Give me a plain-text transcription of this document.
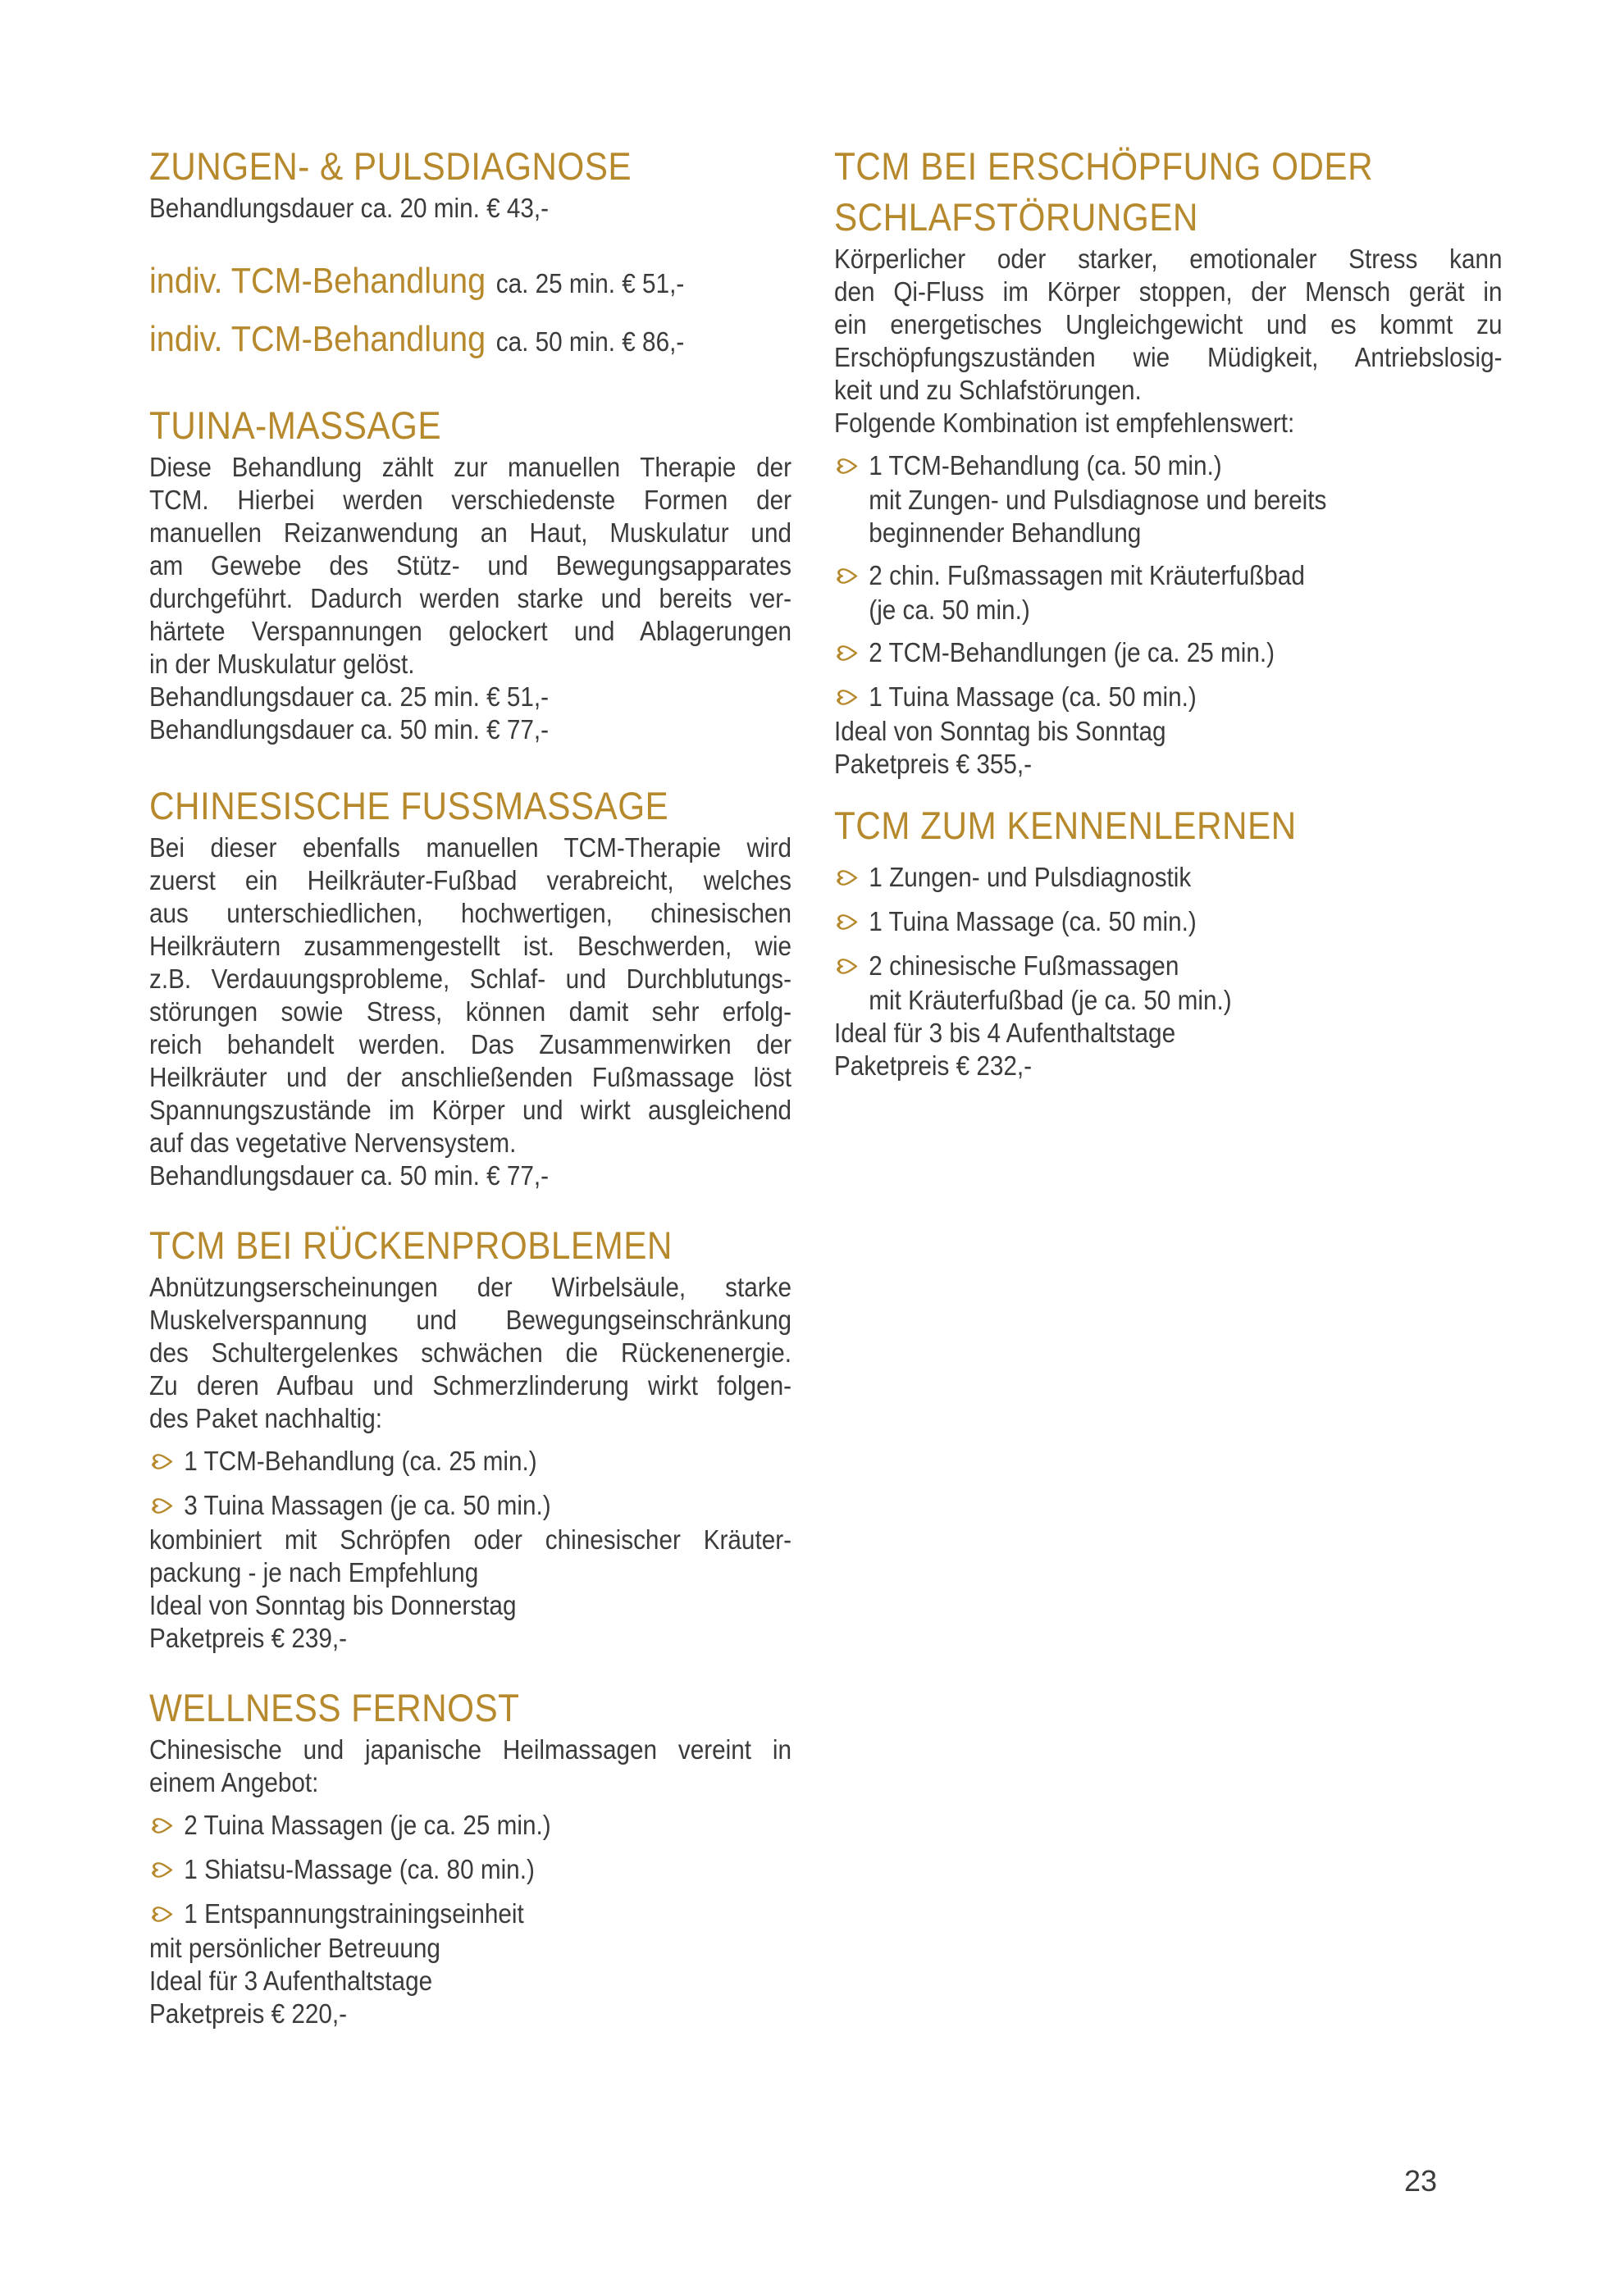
ZUNGEN- & PULSDIAGNOSE
Behandlungsdauer ca. 20 min. € 43,-
indiv. TCM-Behandlung ca. 25 min. € 51,-
indiv. TCM-Behandlung ca. 50 min. € 86,-
TUINA-MASSAGE
Diese Behandlung zählt zur manuellen Therapie der
TCM. Hierbei werden verschiedenste Formen der
manuellen Reizanwendung an Haut, Muskulatur und
am Gewebe des Stütz- und Bewegungsapparates
durchgeführt. Dadurch werden starke und bereits ver-
härtete Verspannungen gelockert und Ablagerungen
in der Muskulatur gelöst.
Behandlungsdauer ca. 25 min. € 51,-
Behandlungsdauer ca. 50 min. € 77,-
CHINESISCHE FUSSMASSAGE
Bei dieser ebenfalls manuellen TCM-Therapie wird
zuerst ein Heilkräuter-Fußbad verabreicht, welches
aus unterschiedlichen, hochwertigen, chinesischen
Heilkräutern zusammengestellt ist. Beschwerden, wie
z.B. Verdauungsprobleme, Schlaf- und Durchblutungs-
störungen sowie Stress, können damit sehr erfolg-
reich behandelt werden. Das Zusammenwirken der
Heilkräuter und der anschließenden Fußmassage löst
Spannungszustände im Körper und wirkt ausgleichend
auf das vegetative Nervensystem.
Behandlungsdauer ca. 50 min. € 77,-
TCM BEI RÜCKENPROBLEMEN
Abnützungserscheinungen der Wirbelsäule, starke
Muskelverspannung und Bewegungseinschränkung
des Schultergelenkes schwächen die Rückenenergie.
Zu deren Aufbau und Schmerzlinderung wirkt folgen-
des Paket nachhaltig:
1 TCM-Behandlung (ca. 25 min.)
3 Tuina Massagen (je ca. 50 min.)
kombiniert mit Schröpfen oder chinesischer Kräuter-
packung - je nach Empfehlung
Ideal von Sonntag bis Donnerstag
Paketpreis € 239,-
WELLNESS FERNOST
Chinesische und japanische Heilmassagen vereint in
einem Angebot:
2 Tuina Massagen (je ca. 25 min.)
1 Shiatsu-Massage (ca. 80 min.)
1 Entspannungstrainingseinheit
mit persönlicher Betreuung
Ideal für 3 Aufenthaltstage
Paketpreis € 220,-
TCM BEI ERSCHÖPFUNG ODER
SCHLAFSTÖRUNGEN
Körperlicher oder starker, emotionaler Stress kann
den Qi-Fluss im Körper stoppen, der Mensch gerät in
ein energetisches Ungleichgewicht und es kommt zu
Erschöpfungszuständen wie Müdigkeit, Antriebslosig-
keit und zu Schlafstörungen.
Folgende Kombination ist empfehlenswert:
1 TCM-Behandlung (ca. 50 min.)
mit Zungen- und Pulsdiagnose und bereits
beginnender Behandlung
2 chin. Fußmassagen mit Kräuterfußbad
(je ca. 50 min.)
2 TCM-Behandlungen (je ca. 25 min.)
1 Tuina Massage (ca. 50 min.)
Ideal von Sonntag bis Sonntag
Paketpreis € 355,-
TCM ZUM KENNENLERNEN
1 Zungen- und Pulsdiagnostik
1 Tuina Massage (ca. 50 min.)
2 chinesische Fußmassagen
mit Kräuterfußbad (je ca. 50 min.)
Ideal für 3 bis 4 Aufenthaltstage
Paketpreis € 232,-
23
